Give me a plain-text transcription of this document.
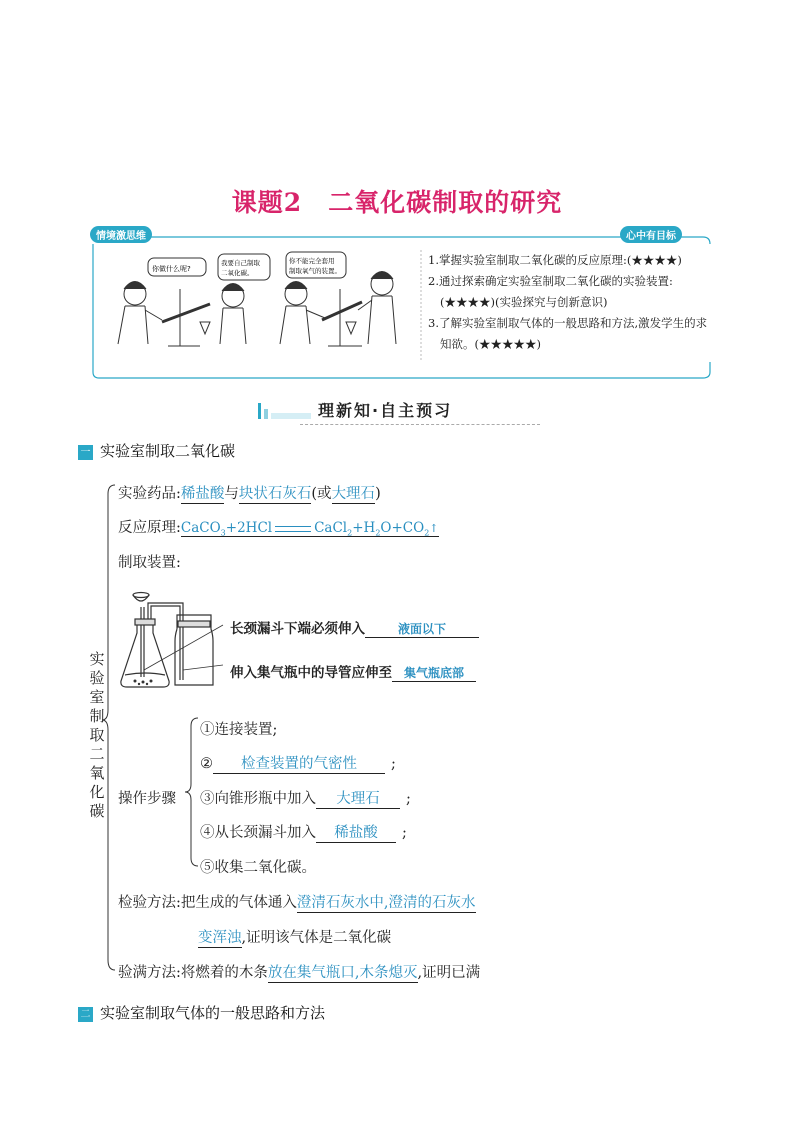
课题2　二氧化碳制取的研究
情境激思维	心中有目标
你做什么呢?
我要自己制取
二氧化碳。
你不能完全套用
制取氧气的装置。
1.掌握实验室制取二氧化碳的反应原理:(★★★★)
2.通过探索确定实验室制取二氧化碳的实验装置:(★★★★)(实验探究与创新意识)
3.了解实验室制取气体的一般思路和方法,激发学生的求知欲。(★★★★★)
理新知·自主预习
一 实验室制取二氧化碳
实验室制取二氧化碳
实验药品:稀盐酸与块状石灰石(或大理石)
反应原理:CaCO$_3$+2HCl	$CaCl_2+H_2O+CO_2↑$
制取装置:
长颈漏斗下端必须伸入	液面以下
伸入集气瓶中的导管应伸至 集气瓶底部
操作步骤
①连接装置;
② 检查装置的气密性 ;
③向锥形瓶中加入 大理石 ;
④从长颈漏斗加入 稀盐酸 ;
⑤收集二氧化碳。
检验方法:把生成的气体通入澄清石灰水中,澄清的石灰水
变浑浊,证明该气体是二氧化碳
验满方法:将燃着的木条放在集气瓶口,木条熄灭,证明已满
二 实验室制取气体的一般思路和方法
